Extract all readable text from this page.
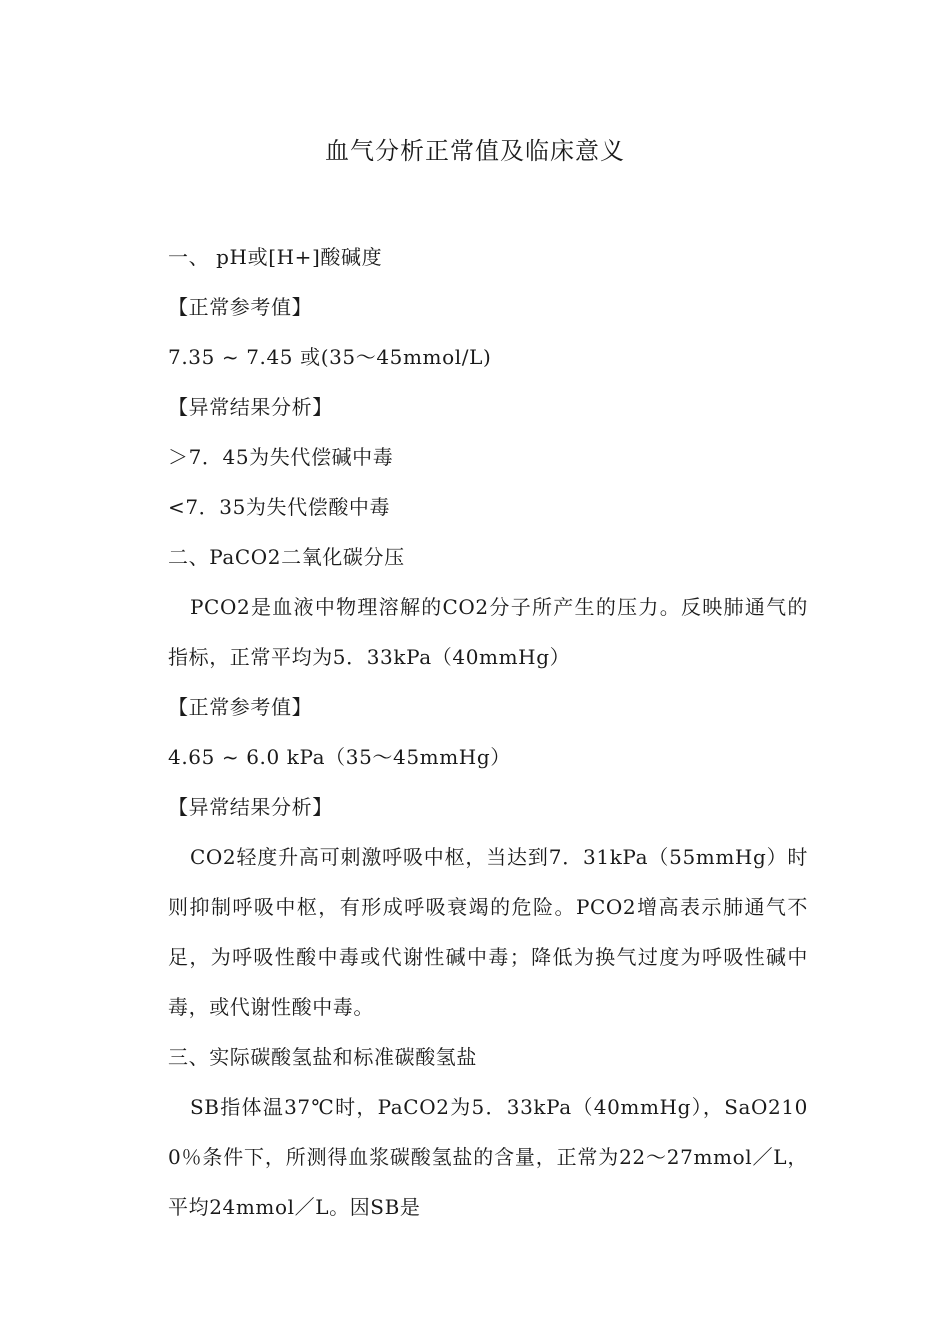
血气分析正常值及临床意义
一、 pH或[H+]酸碱度
【正常参考值】
7.35 ~ 7.45 或(35～45mmol/L)
【异常结果分析】
＞7．45为失代偿碱中毒
<7．35为失代偿酸中毒
二、PaCO2二氧化碳分压
PCO2是血液中物理溶解的CO2分子所产生的压力。反映肺通气的指标，正常平均为5．33kPa（40mmHg）
【正常参考值】
4.65 ~ 6.0 kPa（35～45mmHg）
【异常结果分析】
CO2轻度升高可刺激呼吸中枢，当达到7．31kPa（55mmHg）时则抑制呼吸中枢，有形成呼吸衰竭的危险。PCO2增高表示肺通气不足，为呼吸性酸中毒或代谢性碱中毒；降低为换气过度为呼吸性碱中毒，或代谢性酸中毒。
三、实际碳酸氢盐和标准碳酸氢盐
SB指体温37℃时，PaCO2为5．33kPa（40mmHg），SaO2100％条件下，所测得血浆碳酸氢盐的含量，正常为22～27mmol／L，平均24mmol／L。因SB是
